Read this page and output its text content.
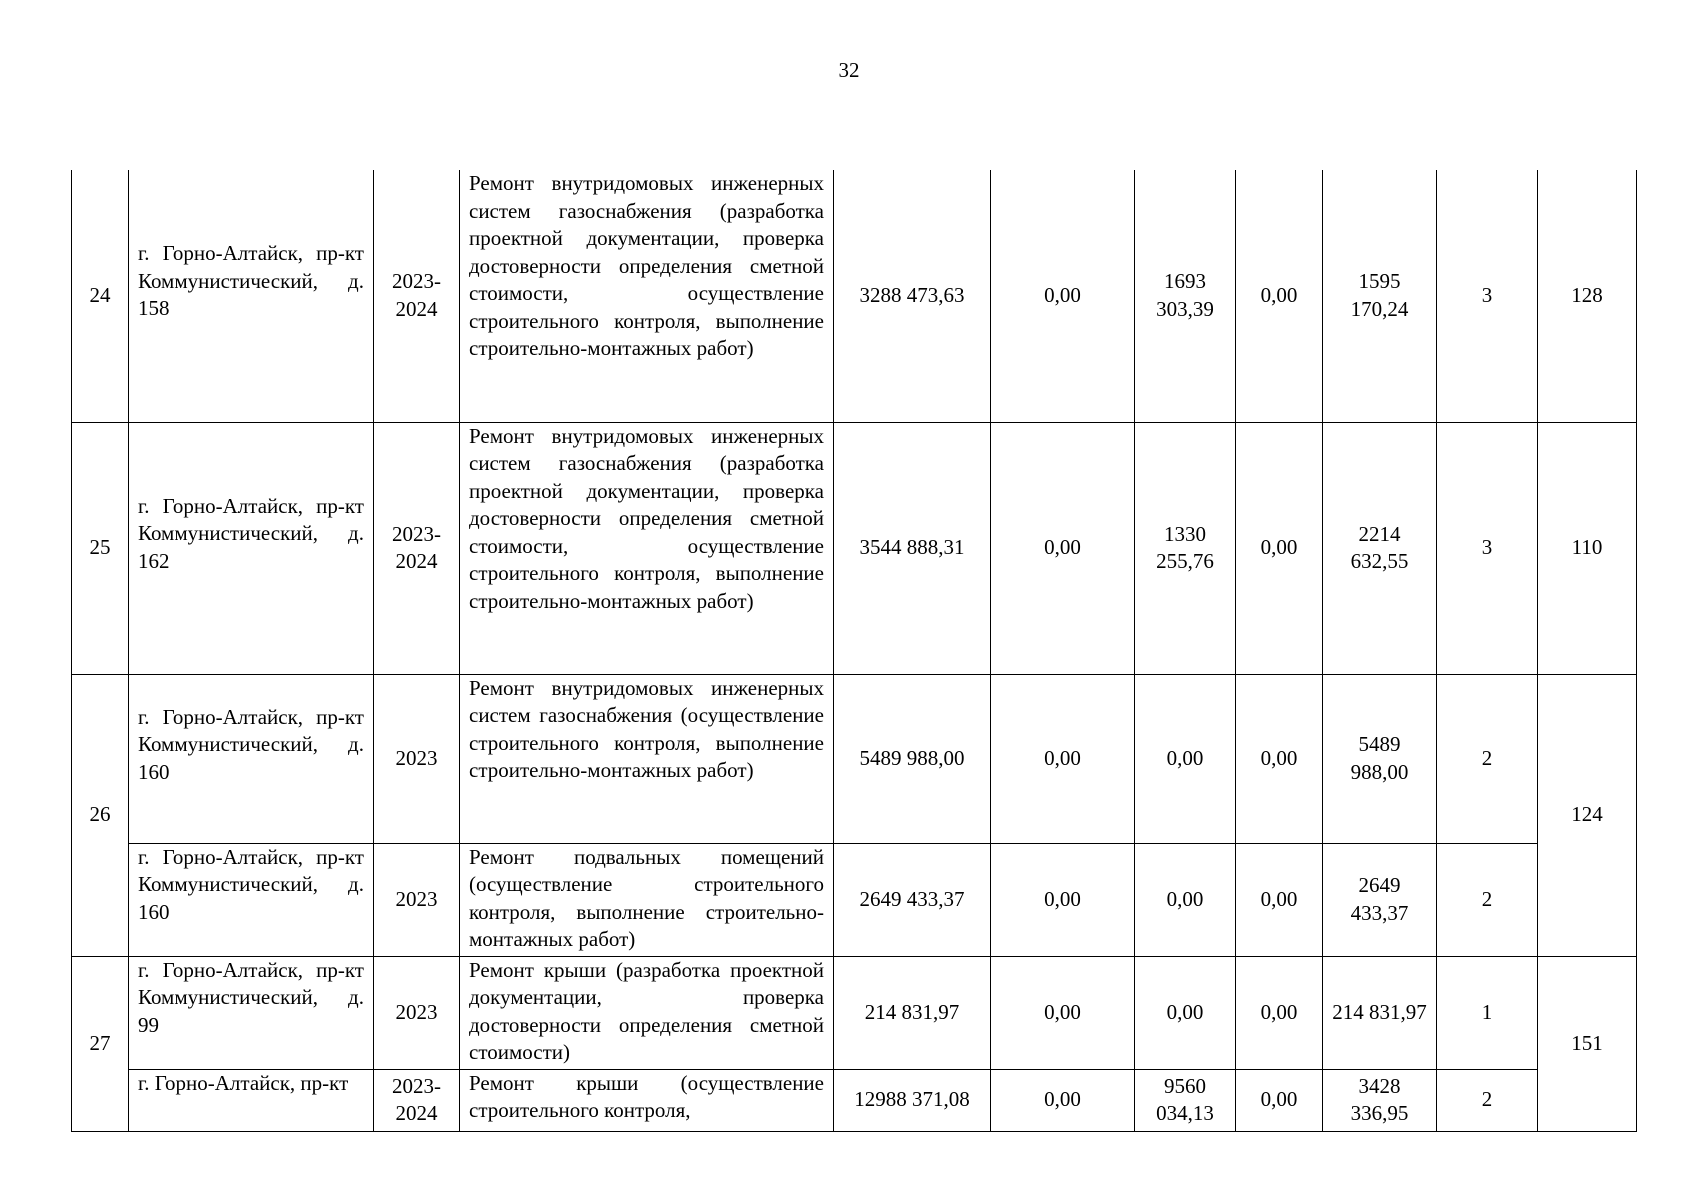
32
24	г. Горно-Алтайск, пр-кт Коммунистический, д. 158	2023-2024	Ремонт внутридомовых инженерных систем газоснабжения (разработка проектной документации, проверка достоверности определения сметной стоимости, осуществление строительного контроля, выполнение строительно-монтажных работ)	3288 473,63	0,00	1693 303,39	0,00	1595 170,24	3	128
25	г. Горно-Алтайск, пр-кт Коммунистический, д. 162	2023-2024	Ремонт внутридомовых инженерных систем газоснабжения (разработка проектной документации, проверка достоверности определения сметной стоимости, осуществление строительного контроля, выполнение строительно-монтажных работ)	3544 888,31	0,00	1330 255,76	0,00	2214 632,55	3	110
26	г. Горно-Алтайск, пр-кт Коммунистический, д. 160	2023	Ремонт внутридомовых инженерных систем газоснабжения (осуществление строительного контроля, выполнение строительно-монтажных работ)	5489 988,00	0,00	0,00	0,00	5489 988,00	2	124
	г. Горно-Алтайск, пр-кт Коммунистический, д. 160	2023	Ремонт подвальных помещений (осуществление строительного контроля, выполнение строительно-монтажных работ)	2649 433,37	0,00	0,00	0,00	2649 433,37	2	
27	г. Горно-Алтайск, пр-кт Коммунистический, д. 99	2023	Ремонт крыши (разработка проектной документации, проверка достоверности определения сметной стоимости)	214 831,97	0,00	0,00	0,00	214 831,97	1	151
	г. Горно-Алтайск, пр-кт	2023-2024	Ремонт крыши (осуществление строительного контроля,	12988 371,08	0,00	9560 034,13	0,00	3428 336,95	2	
